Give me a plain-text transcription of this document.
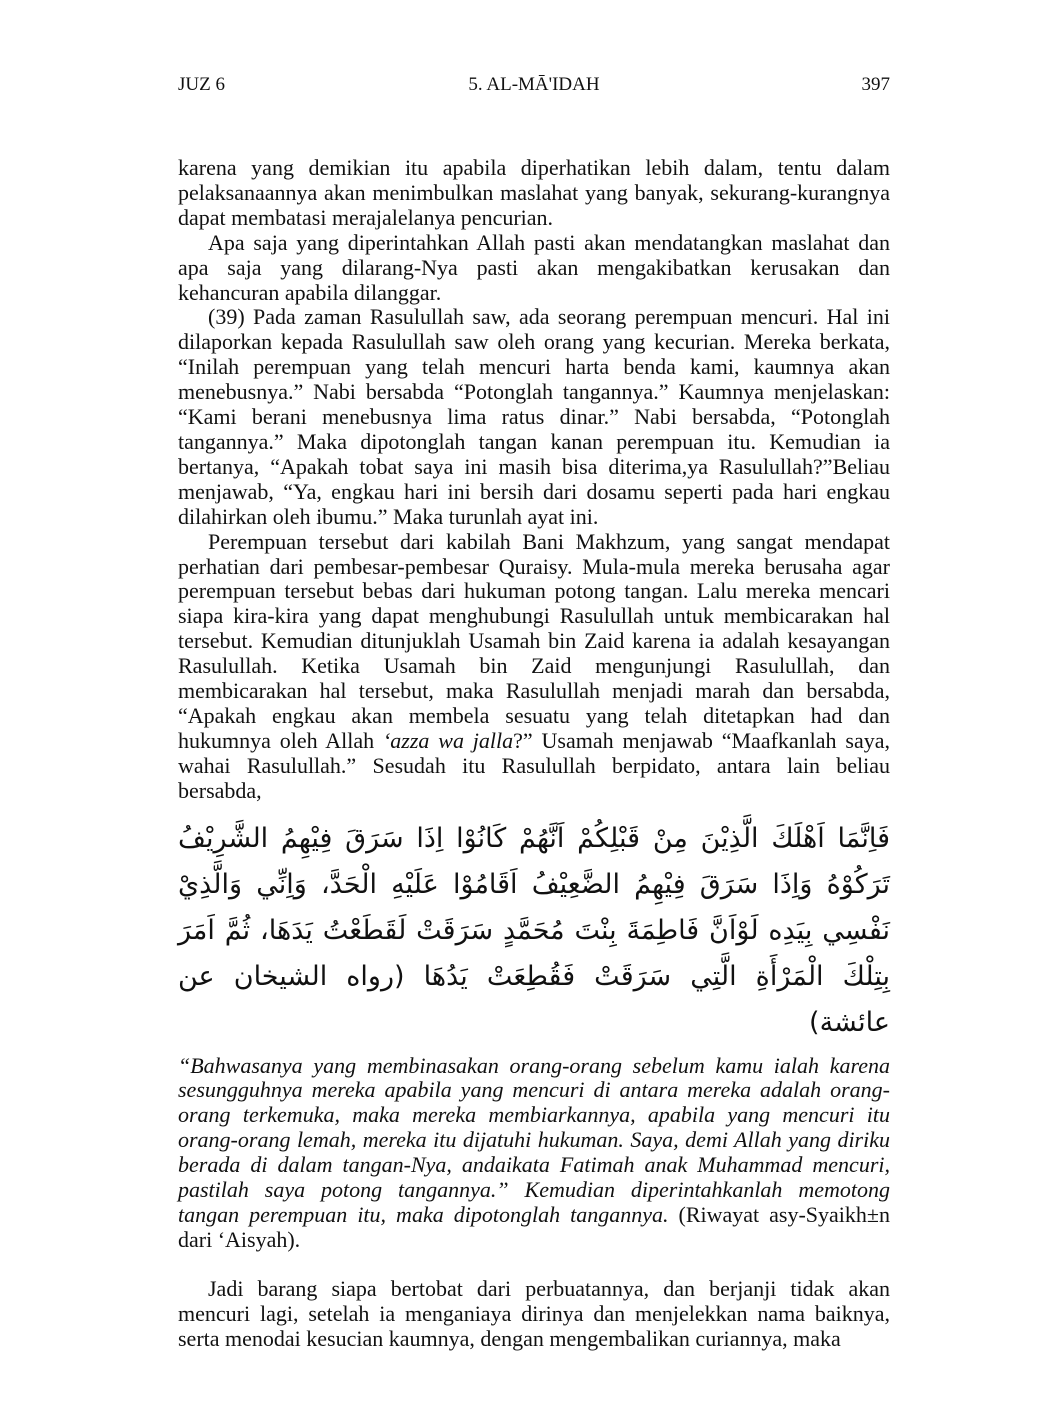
JUZ 6	5. AL-MĀ'IDAH	397

karena yang demikian itu apabila diperhatikan lebih dalam, tentu dalam pelaksanaannya akan menimbulkan maslahat yang banyak, sekurang-kurangnya dapat membatasi merajalelanya pencurian.

Apa saja yang diperintahkan Allah pasti akan mendatangkan maslahat dan apa saja yang dilarang-Nya pasti akan mengakibatkan kerusakan dan kehancuran apabila dilanggar.

(39) Pada zaman Rasulullah saw, ada seorang perempuan mencuri. Hal ini dilaporkan kepada Rasulullah saw oleh orang yang kecurian. Mereka berkata, “Inilah perempuan yang telah mencuri harta benda kami, kaumnya akan menebusnya.” Nabi bersabda “Potonglah tangannya.” Kaumnya menjelaskan: “Kami berani menebusnya lima ratus dinar.” Nabi bersabda, “Potonglah tangannya.” Maka dipotonglah tangan kanan perempuan itu. Kemudian ia bertanya, “Apakah tobat saya ini masih bisa diterima,ya Rasulullah?”Beliau menjawab, “Ya, engkau hari ini bersih dari dosamu seperti pada hari engkau dilahirkan oleh ibumu.” Maka turunlah ayat ini.

Perempuan tersebut dari kabilah Bani Makhzum, yang sangat mendapat perhatian dari pembesar-pembesar Quraisy. Mula-mula mereka berusaha agar perempuan tersebut bebas dari hukuman potong tangan. Lalu mereka mencari siapa kira-kira yang dapat menghubungi Rasulullah untuk membicarakan hal tersebut. Kemudian ditunjuklah Usamah bin Zaid karena ia adalah kesayangan Rasulullah. Ketika Usamah bin Zaid mengunjungi Rasulullah, dan membicarakan hal tersebut, maka Rasulullah menjadi marah dan bersabda, “Apakah engkau akan membela sesuatu yang telah ditetapkan had dan hukumnya oleh Allah ‘azza wa jalla?” Usamah menjawab “Maafkanlah saya, wahai Rasulullah.” Sesudah itu Rasulullah berpidato, antara lain beliau bersabda,

فَاِنَّمَا اَهْلَكَ الَّذِيْنَ مِنْ قَبْلِكُمْ اَنَّهُمْ كَانُوْا اِذَا سَرَقَ فِيْهِمُ الشَّرِيْفُ تَرَكُوْهُ وَاِذَا سَرَقَ فِيْهِمُ الضَّعِيْفُ اَقَامُوْا عَلَيْهِ الْحَدَّ، وَاِنِّي وَالَّذِيْ نَفْسِي بِيَدِه لَوْاَنَّ فَاطِمَةَ بِنْتَ مُحَمَّدٍ سَرَقَتْ لَقَطَعْتُ يَدَهَا، ثُمَّ اَمَرَ بِتِلْكَ الْمَرْأَةِ الَّتِي سَرَقَتْ فَقُطِعَتْ يَدُهَا (رواه الشيخان عن عائشة)

“Bahwasanya yang membinasakan orang-orang sebelum kamu ialah karena sesungguhnya mereka apabila yang mencuri di antara mereka adalah orang-orang terkemuka, maka mereka membiarkannya, apabila yang mencuri itu orang-orang lemah, mereka itu dijatuhi hukuman. Saya, demi Allah yang diriku berada di dalam tangan-Nya, andaikata Fatimah anak Muhammad mencuri, pastilah saya potong tangannya.” Kemudian diperintahkanlah memotong tangan perempuan itu, maka dipotonglah tangannya. (Riwayat asy-Syaikh±n dari ‘Aisyah).

Jadi barang siapa bertobat dari perbuatannya, dan berjanji tidak akan mencuri lagi, setelah ia menganiaya dirinya dan menjelekkan nama baiknya, serta menodai kesucian kaumnya, dengan mengembalikan curiannya, maka
